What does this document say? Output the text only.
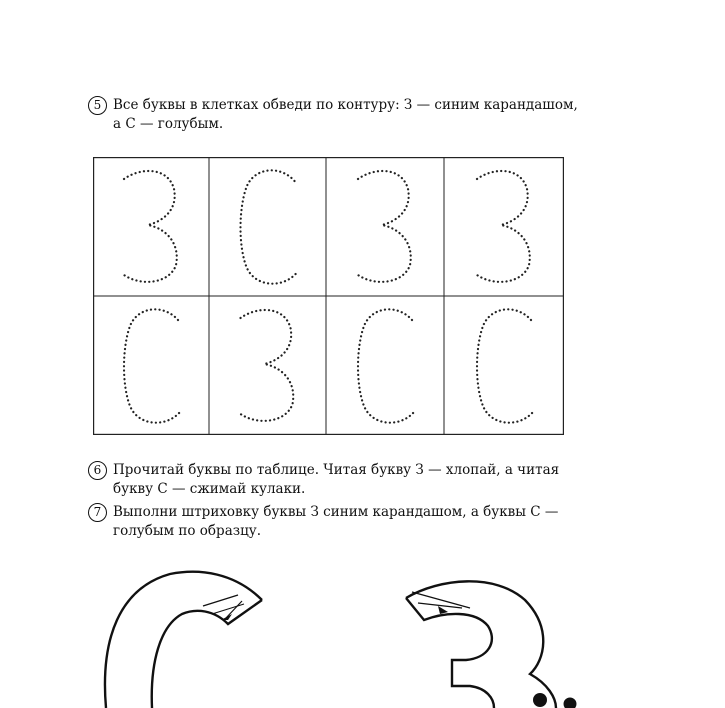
5 Все буквы в клетках обведи по контуру: З — синим карандашом,
а С — голубым.
6 Прочитай буквы по таблице. Читая букву З — хлопай, а читая
букву С — сжимай кулаки.
7 Выполни штриховку буквы З синим карандашом, а буквы С —
голубым по образцу.
